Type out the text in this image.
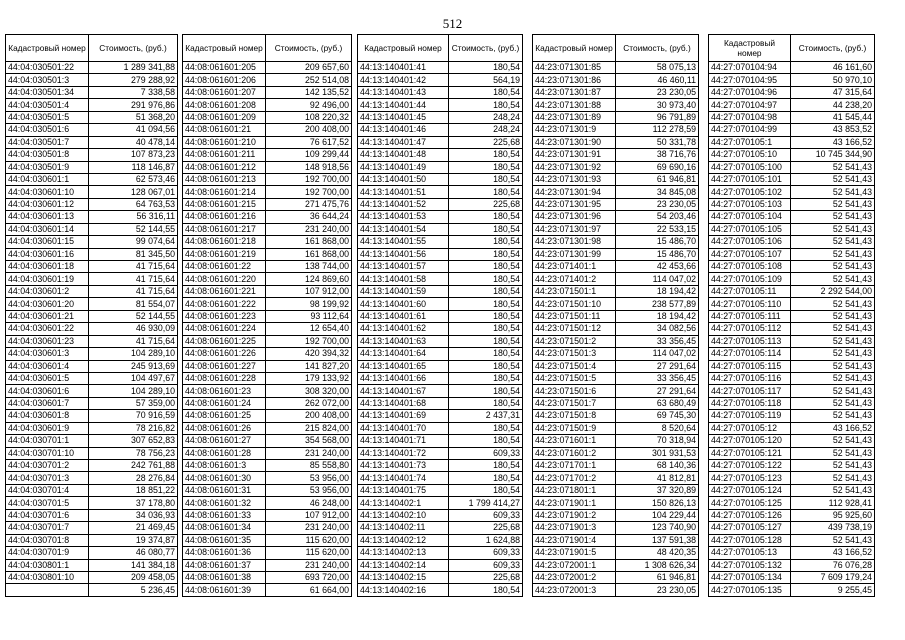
512
Кадастровый номер	Стоимость, (руб.)
44:04:030501:22	1 289 341,88
44:04:030501:3	279 288,92
44:04:030501:34	7 338,58
44:04:030501:4	291 976,86
44:04:030501:5	51 368,20
44:04:030501:6	41 094,56
44:04:030501:7	40 478,14
44:04:030501:8	107 873,23
44:04:030501:9	118 146,87
44:04:030601:1	62 573,46
44:04:030601:10	128 067,01
44:04:030601:12	64 763,53
44:04:030601:13	56 316,11
44:04:030601:14	52 144,55
44:04:030601:15	99 074,64
44:04:030601:16	81 345,50
44:04:030601:18	41 715,64
44:04:030601:19	41 715,64
44:04:030601:2	41 715,64
44:04:030601:20	81 554,07
44:04:030601:21	52 144,55
44:04:030601:22	46 930,09
44:04:030601:23	41 715,64
44:04:030601:3	104 289,10
44:04:030601:4	245 913,69
44:04:030601:5	104 497,67
44:04:030601:6	104 289,10
44:04:030601:7	57 359,00
44:04:030601:8	70 916,59
44:04:030601:9	78 216,82
44:04:030701:1	307 652,83
44:04:030701:10	78 756,23
44:04:030701:2	242 761,88
44:04:030701:3	28 276,84
44:04:030701:4	18 851,22
44:04:030701:5	37 178,80
44:04:030701:6	34 036,93
44:04:030701:7	21 469,45
44:04:030701:8	19 374,87
44:04:030701:9	46 080,77
44:04:030801:1	141 384,18
44:04:030801:10	209 458,05
	5 236,45
Кадастровый номер	Стоимость, (руб.)
44:08:061601:205	209 657,60
44:08:061601:206	252 514,08
44:08:061601:207	142 135,52
44:08:061601:208	92 496,00
44:08:061601:209	108 220,32
44:08:061601:21	200 408,00
44:08:061601:210	76 617,52
44:08:061601:211	109 299,44
44:08:061601:212	148 918,56
44:08:061601:213	192 700,00
44:08:061601:214	192 700,00
44:08:061601:215	271 475,76
44:08:061601:216	36 644,24
44:08:061601:217	231 240,00
44:08:061601:218	161 868,00
44:08:061601:219	161 868,00
44:08:061601:22	138 744,00
44:08:061601:220	124 869,60
44:08:061601:221	107 912,00
44:08:061601:222	98 199,92
44:08:061601:223	93 112,64
44:08:061601:224	12 654,40
44:08:061601:225	192 700,00
44:08:061601:226	420 394,32
44:08:061601:227	141 827,20
44:08:061601:228	179 133,92
44:08:061601:23	308 320,00
44:08:061601:24	262 072,00
44:08:061601:25	200 408,00
44:08:061601:26	215 824,00
44:08:061601:27	354 568,00
44:08:061601:28	231 240,00
44:08:061601:3	85 558,80
44:08:061601:30	53 956,00
44:08:061601:31	53 956,00
44:08:061601:32	46 248,00
44:08:061601:33	107 912,00
44:08:061601:34	231 240,00
44:08:061601:35	115 620,00
44:08:061601:36	115 620,00
44:08:061601:37	231 240,00
44:08:061601:38	693 720,00
44:08:061601:39	61 664,00
Кадастровый номер	Стоимость, (руб.)
44:13:140401:41	180,54
44:13:140401:42	564,19
44:13:140401:43	180,54
44:13:140401:44	180,54
44:13:140401:45	248,24
44:13:140401:46	248,24
44:13:140401:47	225,68
44:13:140401:48	180,54
44:13:140401:49	180,54
44:13:140401:50	180,54
44:13:140401:51	180,54
44:13:140401:52	225,68
44:13:140401:53	180,54
44:13:140401:54	180,54
44:13:140401:55	180,54
44:13:140401:56	180,54
44:13:140401:57	180,54
44:13:140401:58	180,54
44:13:140401:59	180,54
44:13:140401:60	180,54
44:13:140401:61	180,54
44:13:140401:62	180,54
44:13:140401:63	180,54
44:13:140401:64	180,54
44:13:140401:65	180,54
44:13:140401:66	180,54
44:13:140401:67	180,54
44:13:140401:68	180,54
44:13:140401:69	2 437,31
44:13:140401:70	180,54
44:13:140401:71	180,54
44:13:140401:72	609,33
44:13:140401:73	180,54
44:13:140401:74	180,54
44:13:140401:75	180,54
44:13:140402:1	1 799 414,27
44:13:140402:10	609,33
44:13:140402:11	225,68
44:13:140402:12	1 624,88
44:13:140402:13	609,33
44:13:140402:14	609,33
44:13:140402:15	225,68
44:13:140402:16	180,54
Кадастровый номер	Стоимость, (руб.)
44:23:071301:85	58 075,13
44:23:071301:86	46 460,11
44:23:071301:87	23 230,05
44:23:071301:88	30 973,40
44:23:071301:89	96 791,89
44:23:071301:9	112 278,59
44:23:071301:90	50 331,78
44:23:071301:91	38 716,76
44:23:071301:92	69 690,16
44:23:071301:93	61 946,81
44:23:071301:94	34 845,08
44:23:071301:95	23 230,05
44:23:071301:96	54 203,46
44:23:071301:97	22 533,15
44:23:071301:98	15 486,70
44:23:071301:99	15 486,70
44:23:071401:1	42 453,66
44:23:071401:2	114 047,02
44:23:071501:1	18 194,42
44:23:071501:10	238 577,89
44:23:071501:11	18 194,42
44:23:071501:12	34 082,56
44:23:071501:2	33 356,45
44:23:071501:3	114 047,02
44:23:071501:4	27 291,64
44:23:071501:5	33 356,45
44:23:071501:6	27 291,64
44:23:071501:7	63 680,49
44:23:071501:8	69 745,30
44:23:071501:9	8 520,64
44:23:071601:1	70 318,94
44:23:071601:2	301 931,53
44:23:071701:1	68 140,36
44:23:071701:2	41 812,81
44:23:071801:1	37 320,89
44:23:071901:1	150 826,13
44:23:071901:2	104 229,44
44:23:071901:3	123 740,90
44:23:071901:4	137 591,38
44:23:071901:5	48 420,35
44:23:072001:1	1 308 626,34
44:23:072001:2	61 946,81
44:23:072001:3	23 230,05
Кадастровый номер	Стоимость, (руб.)
44:27:070104:94	46 161,60
44:27:070104:95	50 970,10
44:27:070104:96	47 315,64
44:27:070104:97	44 238,20
44:27:070104:98	41 545,44
44:27:070104:99	43 853,52
44:27:070105:1	43 166,52
44:27:070105:10	10 745 344,90
44:27:070105:100	52 541,43
44:27:070105:101	52 541,43
44:27:070105:102	52 541,43
44:27:070105:103	52 541,43
44:27:070105:104	52 541,43
44:27:070105:105	52 541,43
44:27:070105:106	52 541,43
44:27:070105:107	52 541,43
44:27:070105:108	52 541,43
44:27:070105:109	52 541,43
44:27:070105:11	2 292 544,00
44:27:070105:110	52 541,43
44:27:070105:111	52 541,43
44:27:070105:112	52 541,43
44:27:070105:113	52 541,43
44:27:070105:114	52 541,43
44:27:070105:115	52 541,43
44:27:070105:116	52 541,43
44:27:070105:117	52 541,43
44:27:070105:118	52 541,43
44:27:070105:119	52 541,43
44:27:070105:12	43 166,52
44:27:070105:120	52 541,43
44:27:070105:121	52 541,43
44:27:070105:122	52 541,43
44:27:070105:123	52 541,43
44:27:070105:124	52 541,43
44:27:070105:125	112 928,41
44:27:070105:126	95 925,60
44:27:070105:127	439 738,19
44:27:070105:128	52 541,43
44:27:070105:13	43 166,52
44:27:070105:132	76 076,28
44:27:070105:134	7 609 179,24
44:27:070105:135	9 255,45
